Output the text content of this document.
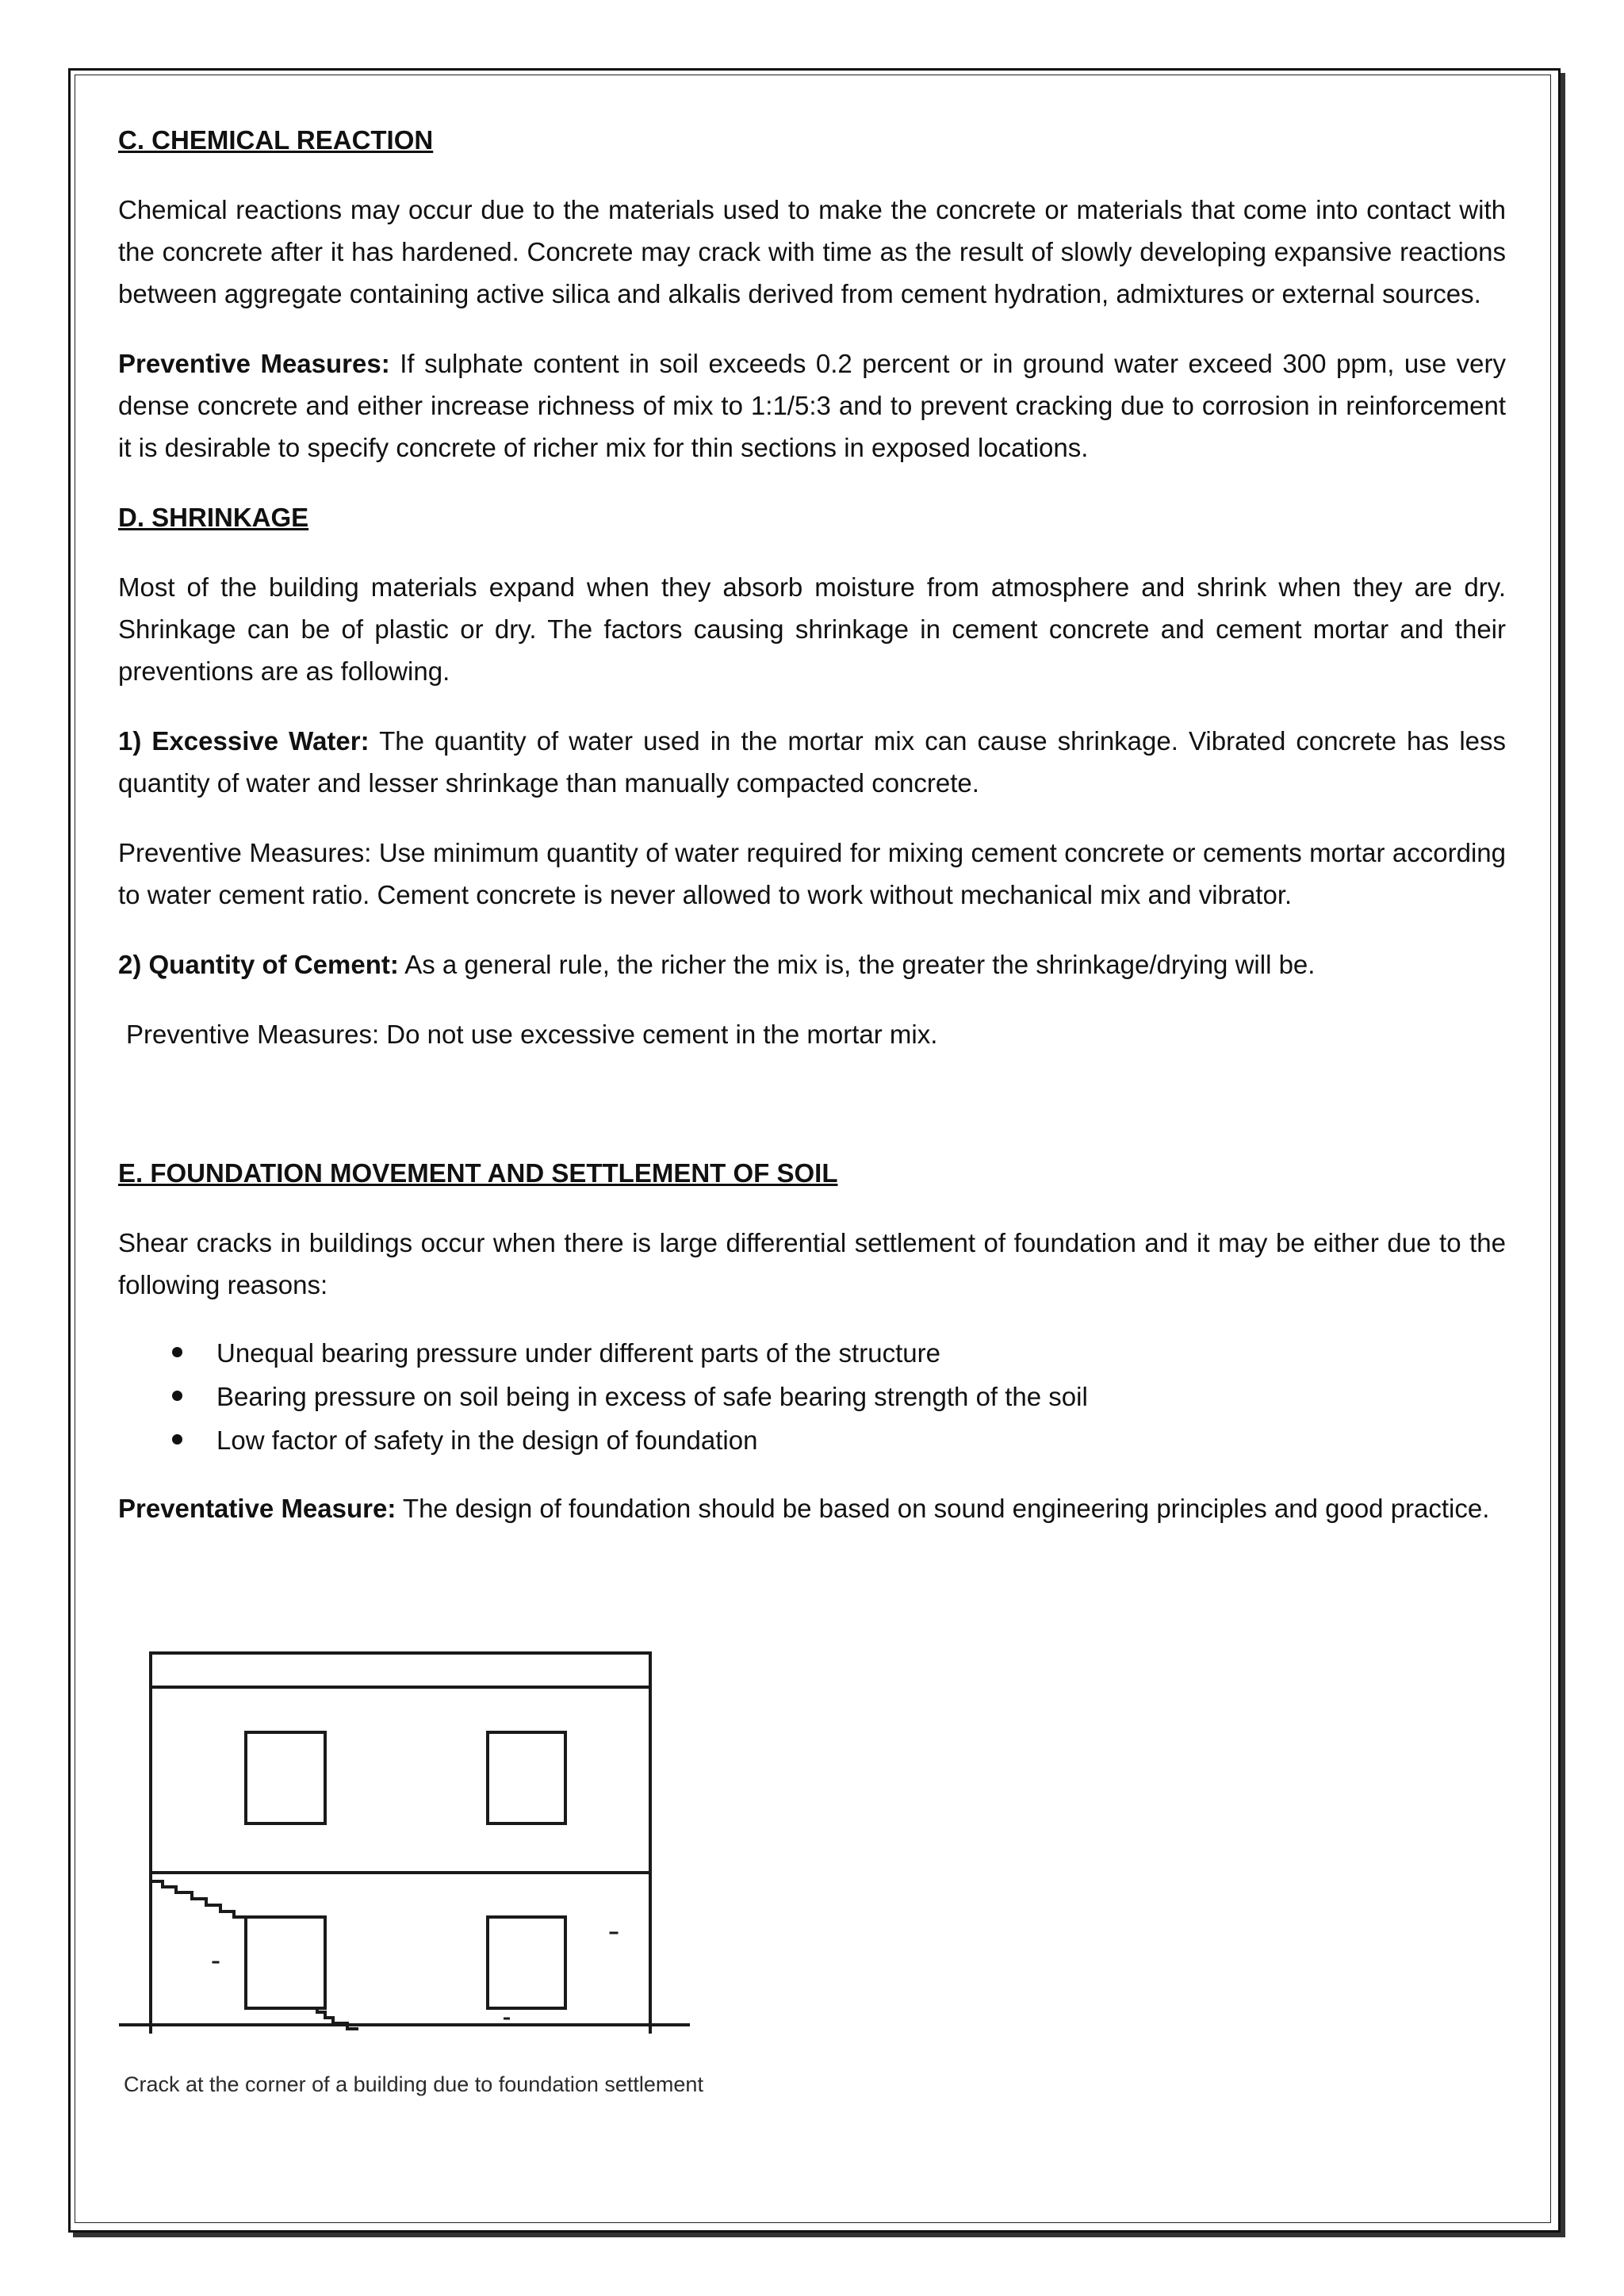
C. CHEMICAL REACTION

Chemical reactions may occur due to the materials used to make the concrete or materials that come into contact with the concrete after it has hardened. Concrete may crack with time as the result of slowly developing expansive reactions between aggregate containing active silica and alkalis derived from cement hydration, admixtures or external sources.

Preventive Measures: If sulphate content in soil exceeds 0.2 percent or in ground water exceed 300 ppm, use very dense concrete and either increase richness of mix to 1:1/5:3 and to prevent cracking due to corrosion in reinforcement it is desirable to specify concrete of richer mix for thin sections in exposed locations.

D. SHRINKAGE

Most of the building materials expand when they absorb moisture from atmosphere and shrink when they are dry. Shrinkage can be of plastic or dry. The factors causing shrinkage in cement concrete and cement mortar and their preventions are as following.

1) Excessive Water: The quantity of water used in the mortar mix can cause shrinkage. Vibrated concrete has less quantity of water and lesser shrinkage than manually compacted concrete.

Preventive Measures: Use minimum quantity of water required for mixing cement concrete or cements mortar according to water cement ratio. Cement concrete is never allowed to work without mechanical mix and vibrator.

2) Quantity of Cement: As a general rule, the richer the mix is, the greater the shrinkage/drying will be.

Preventive Measures: Do not use excessive cement in the mortar mix.

E. FOUNDATION MOVEMENT AND SETTLEMENT OF SOIL

Shear cracks in buildings occur when there is large differential settlement of foundation and it may be either due to the following reasons:

Unequal bearing pressure under different parts of the structure
Bearing pressure on soil being in excess of safe bearing strength of the soil
Low factor of safety in the design of foundation

Preventative Measure: The design of foundation should be based on sound engineering principles and good practice.

Crack at the corner of a building due to foundation settlement
